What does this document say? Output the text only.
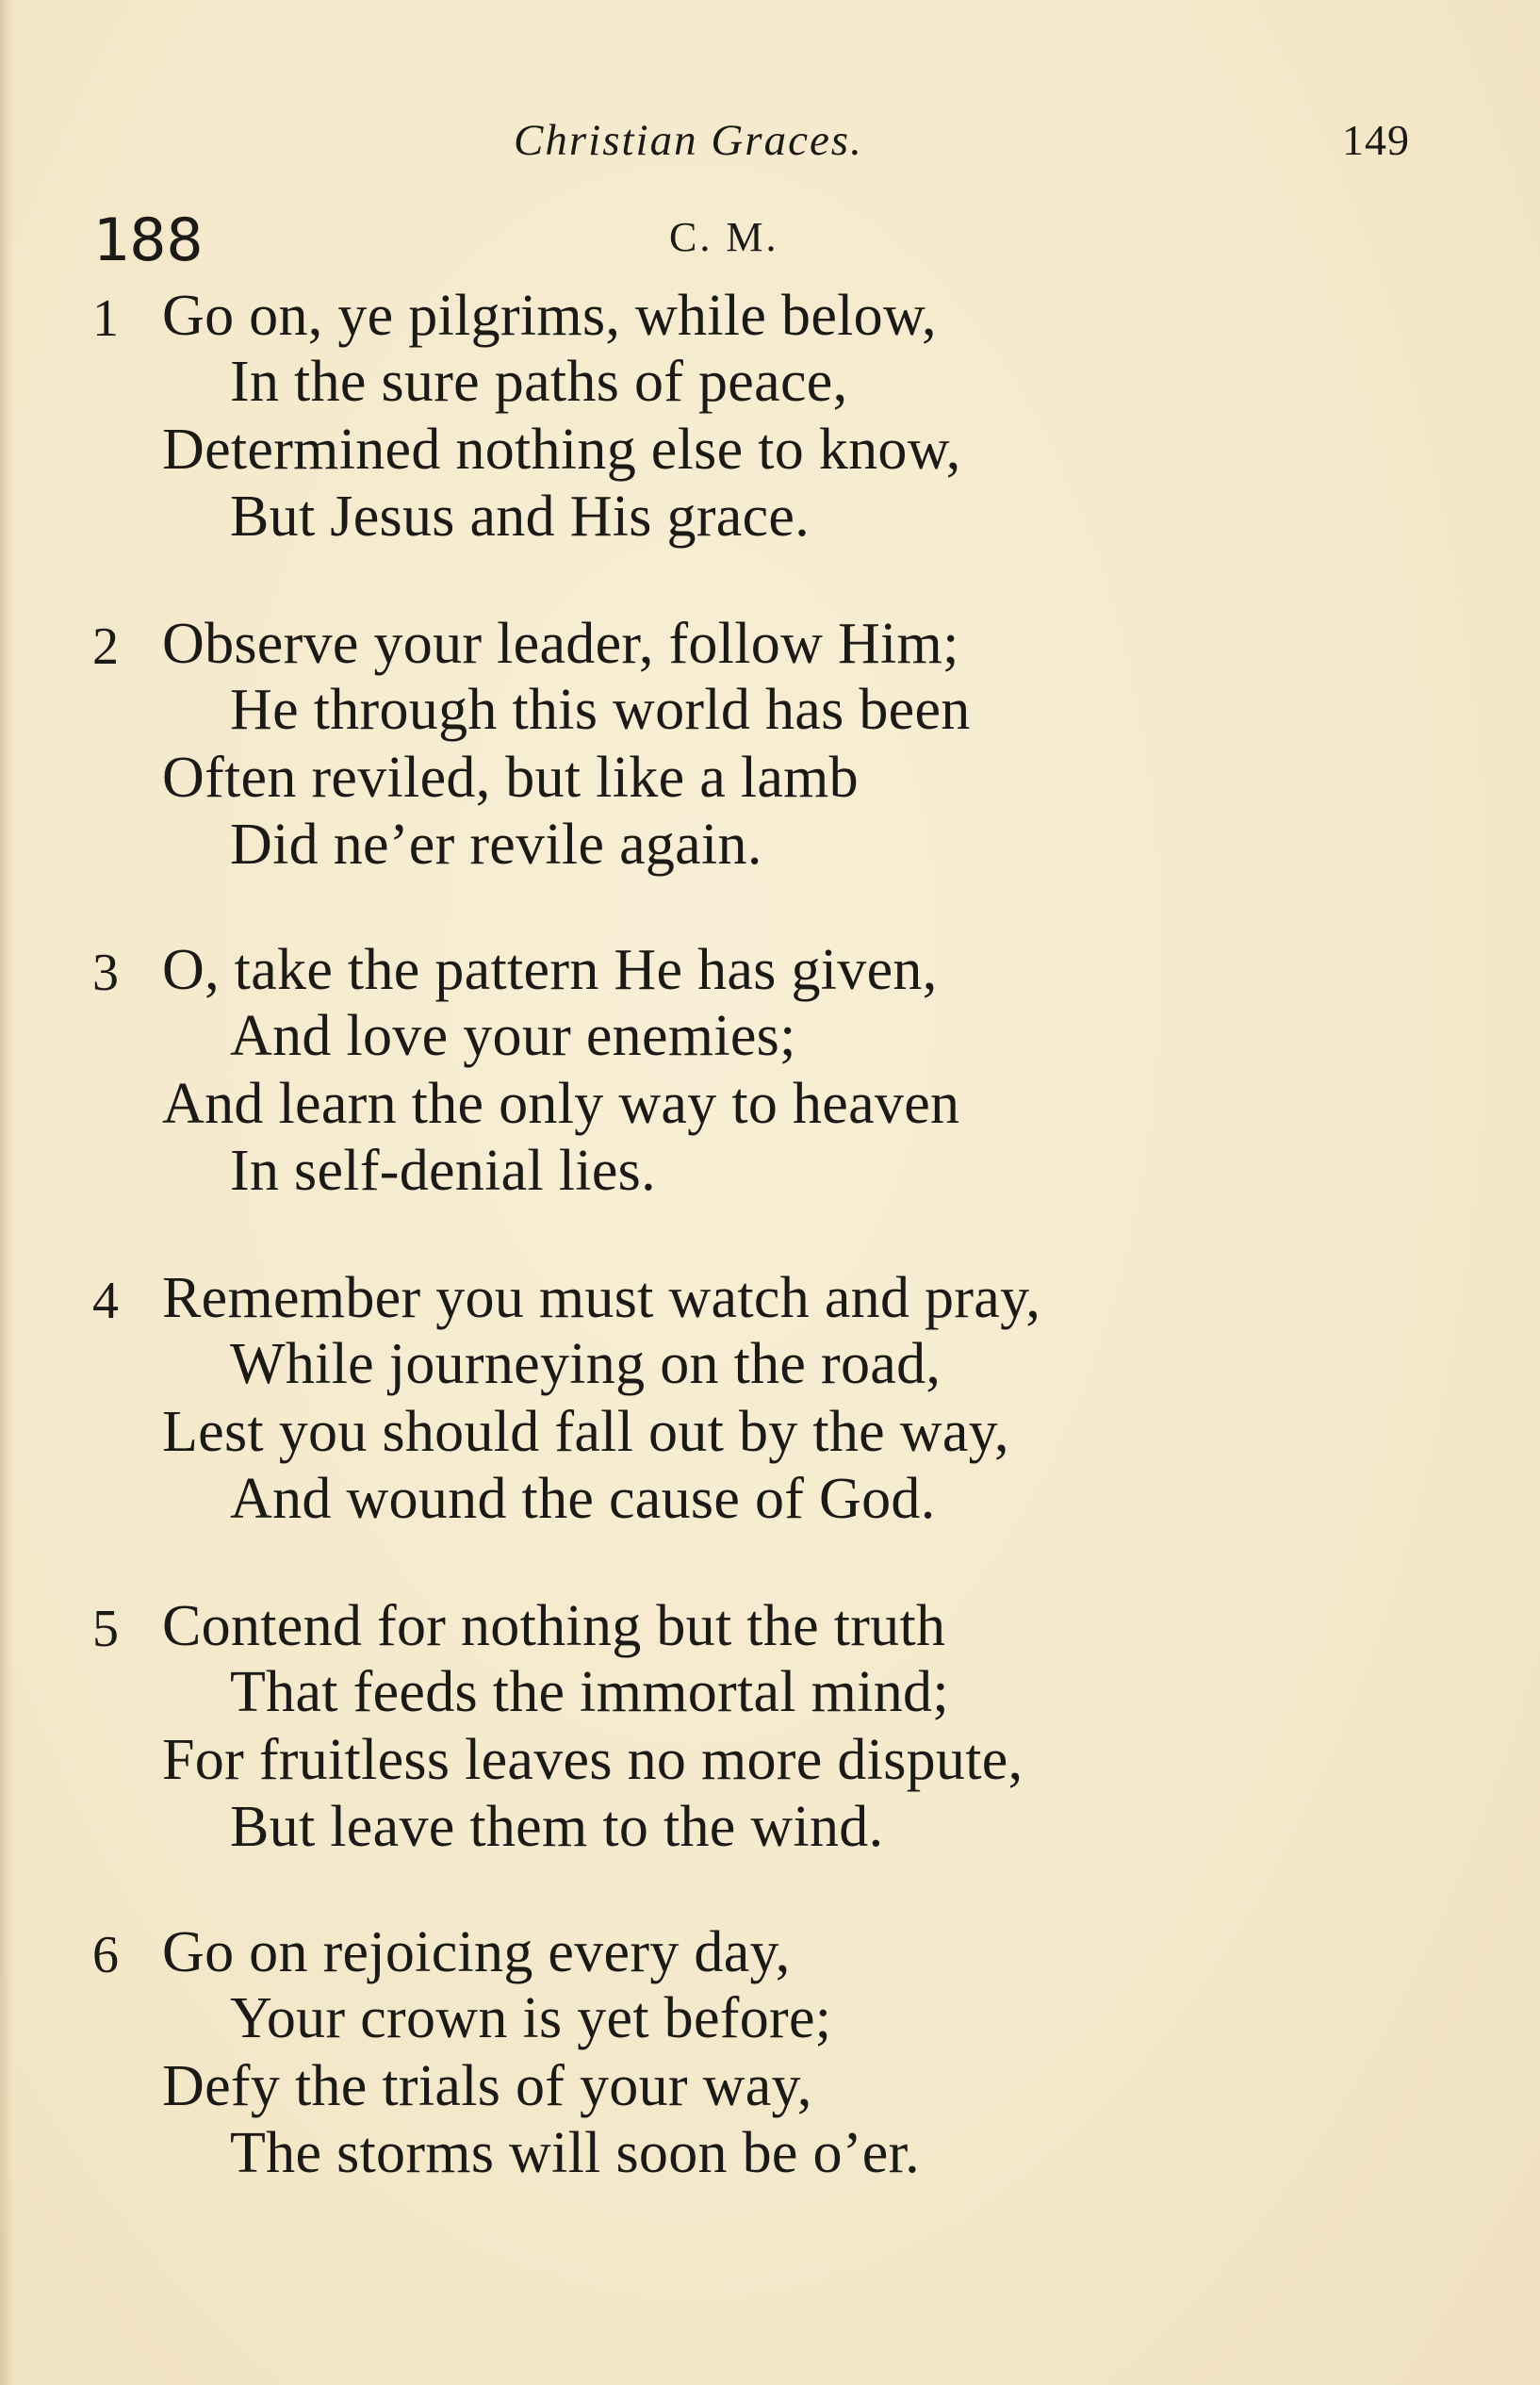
Christian Graces.	149
188	C. M.
1 Go on, ye pilgrims, while below,
In the sure paths of peace,
Determined nothing else to know,
But Jesus and His grace.
2 Observe your leader, follow Him;
He through this world has been
Often reviled, but like a lamb
Did ne’er revile again.
3 O, take the pattern He has given,
And love your enemies;
And learn the only way to heaven
In self-denial lies.
4 Remember you must watch and pray,
While journeying on the road,
Lest you should fall out by the way,
And wound the cause of God.
5 Contend for nothing but the truth
That feeds the immortal mind;
For fruitless leaves no more dispute,
But leave them to the wind.
6 Go on rejoicing every day,
Your crown is yet before;
Defy the trials of your way,
The storms will soon be o’er.
